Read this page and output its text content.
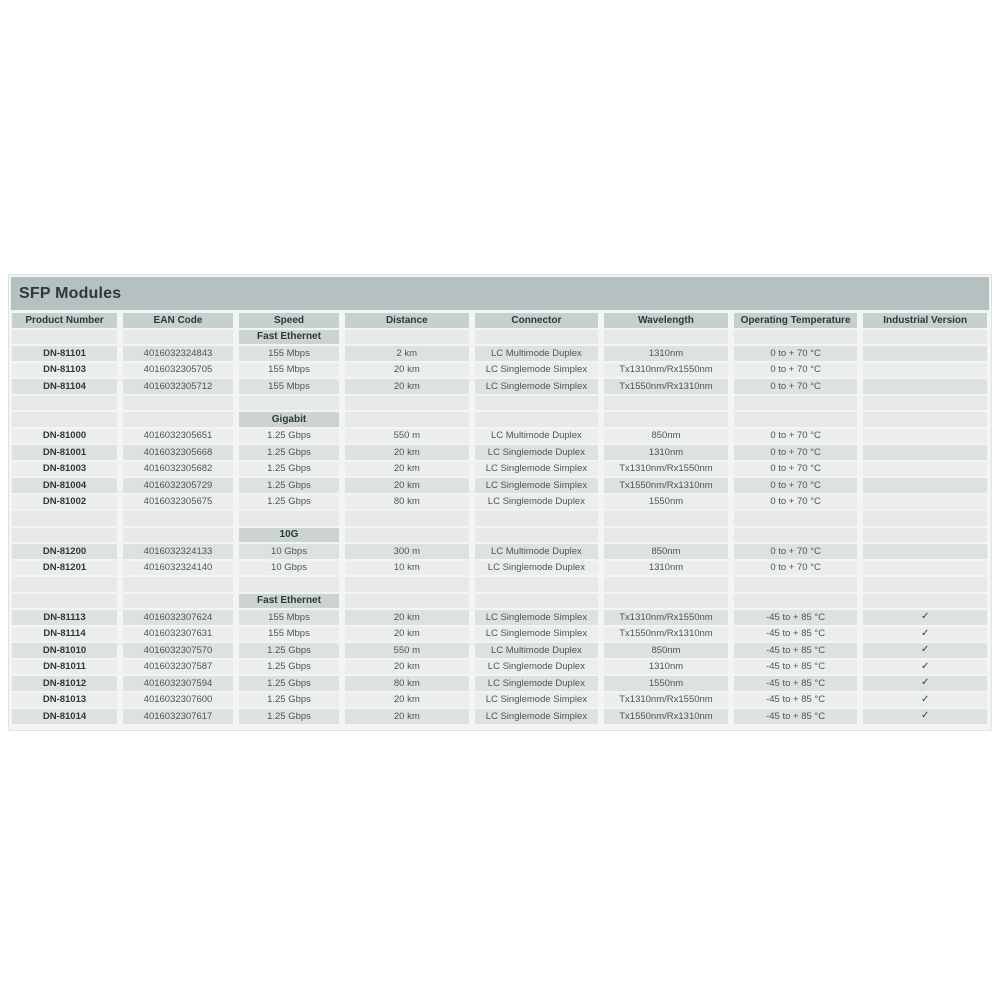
SFP Modules
Product Number	EAN Code	Speed	Distance	Connector	Wavelength	Operating Temperature	Industrial Version
Fast Ethernet
DN-81101	4016032324843	155 Mbps	2 km	LC Multimode Duplex	1310nm	0 to + 70 °C
DN-81103	4016032305705	155 Mbps	20 km	LC Singlemode Simplex	Tx1310nm/Rx1550nm	0 to + 70 °C
DN-81104	4016032305712	155 Mbps	20 km	LC Singlemode Simplex	Tx1550nm/Rx1310nm	0 to + 70 °C
Gigabit
DN-81000	4016032305651	1.25 Gbps	550 m	LC Multimode Duplex	850nm	0 to + 70 °C
DN-81001	4016032305668	1.25 Gbps	20 km	LC Singlemode Duplex	1310nm	0 to + 70 °C
DN-81003	4016032305682	1.25 Gbps	20 km	LC Singlemode Simplex	Tx1310nm/Rx1550nm	0 to + 70 °C
DN-81004	4016032305729	1.25 Gbps	20 km	LC Singlemode Simplex	Tx1550nm/Rx1310nm	0 to + 70 °C
DN-81002	4016032305675	1.25 Gbps	80 km	LC Singlemode Duplex	1550nm	0 to + 70 °C
10G
DN-81200	4016032324133	10 Gbps	300 m	LC Multimode Duplex	850nm	0 to + 70 °C
DN-81201	4016032324140	10 Gbps	10 km	LC Singlemode Duplex	1310nm	0 to + 70 °C
Fast Ethernet
DN-81113	4016032307624	155 Mbps	20 km	LC Singlemode Simplex	Tx1310nm/Rx1550nm	-45 to + 85 °C	✓
DN-81114	4016032307631	155 Mbps	20 km	LC Singlemode Simplex	Tx1550nm/Rx1310nm	-45 to + 85 °C	✓
DN-81010	4016032307570	1.25 Gbps	550 m	LC Multimode Duplex	850nm	-45 to + 85 °C	✓
DN-81011	4016032307587	1.25 Gbps	20 km	LC Singlemode Duplex	1310nm	-45 to + 85 °C	✓
DN-81012	4016032307594	1.25 Gbps	80 km	LC Singlemode Duplex	1550nm	-45 to + 85 °C	✓
DN-81013	4016032307600	1.25 Gbps	20 km	LC Singlemode Simplex	Tx1310nm/Rx1550nm	-45 to + 85 °C	✓
DN-81014	4016032307617	1.25 Gbps	20 km	LC Singlemode Simplex	Tx1550nm/Rx1310nm	-45 to + 85 °C	✓
